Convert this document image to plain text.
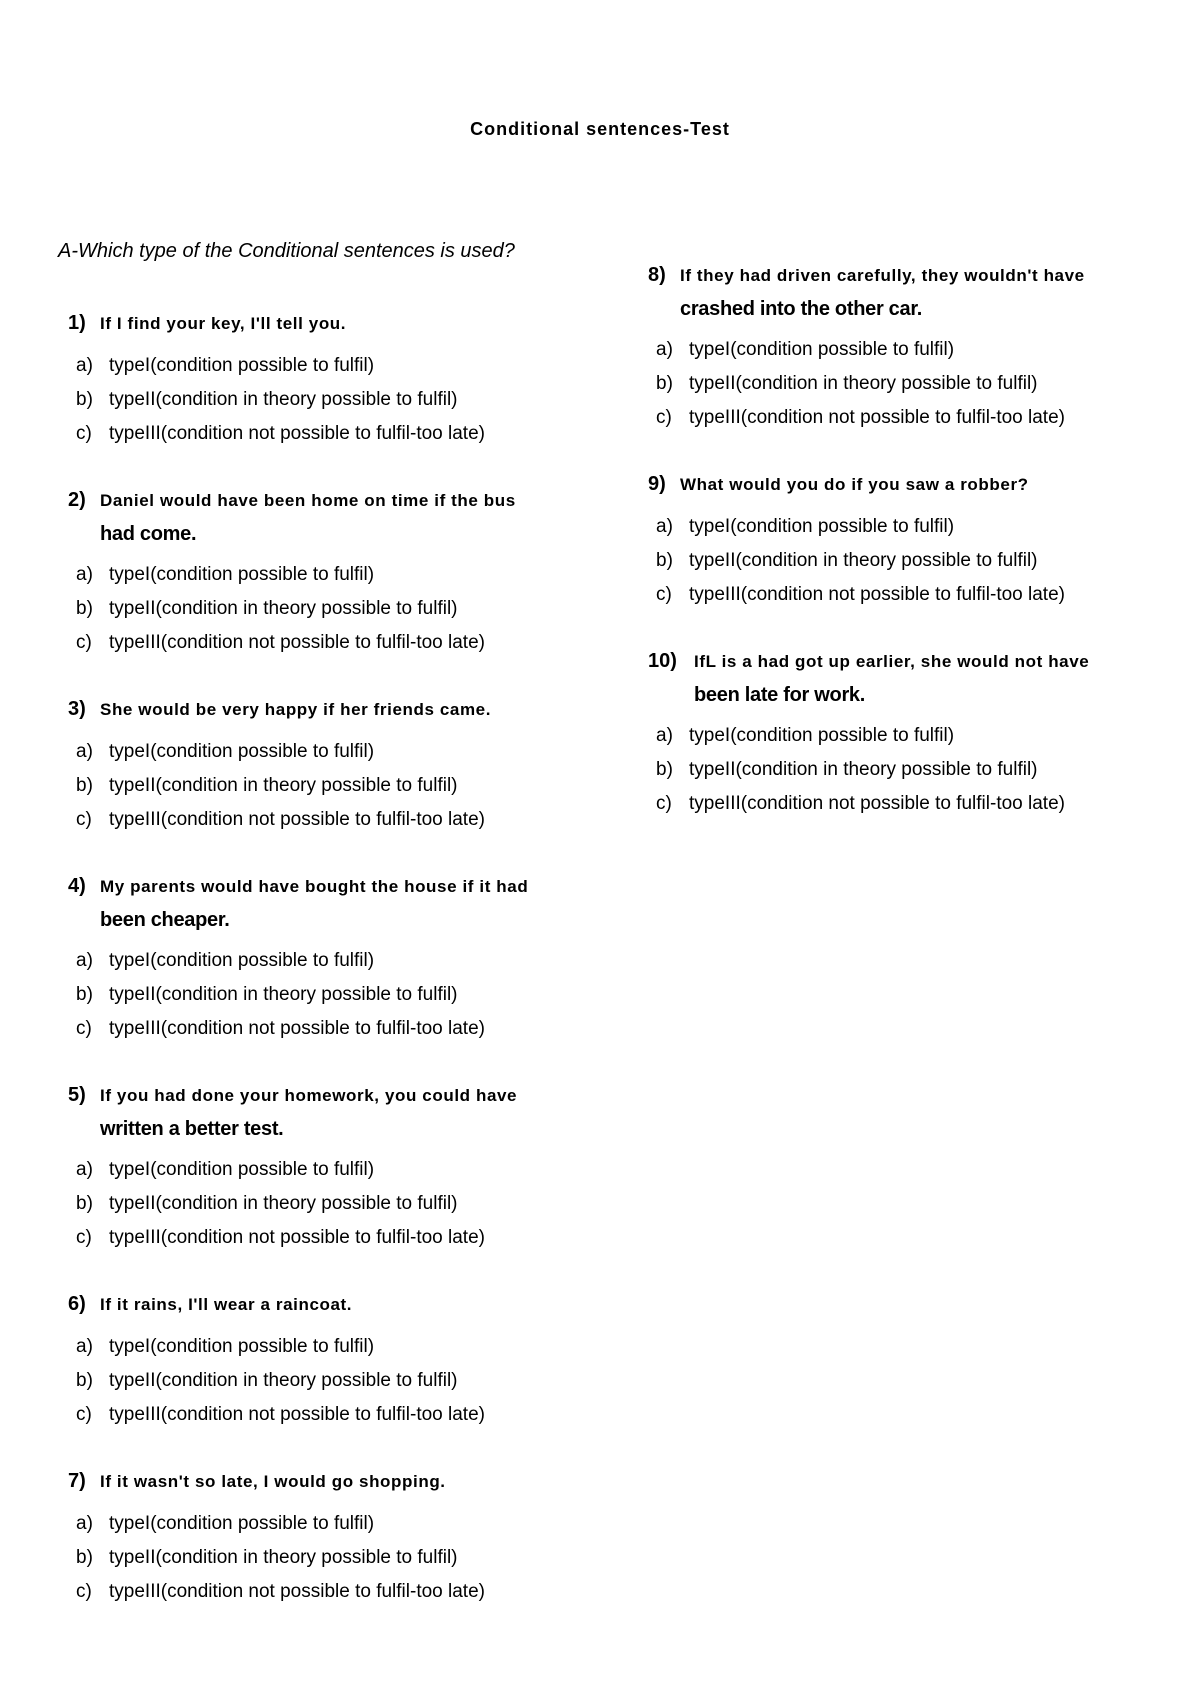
Conditional sentences-Test
A-Which type of the Conditional sentences is used?
1) If I find your key, I'll tell you.
a) typeI(condition possible to fulfil)
b) typeII(condition in theory possible to fulfil)
c) typeIII(condition not possible to fulfil-too late)
2) Daniel would have been home on time if the bus
had come.
a) typeI(condition possible to fulfil)
b) typeII(condition in theory possible to fulfil)
c) typeIII(condition not possible to fulfil-too late)
3) She would be very happy if her friends came.
a) typeI(condition possible to fulfil)
b) typeII(condition in theory possible to fulfil)
c) typeIII(condition not possible to fulfil-too late)
4) My parents would have bought the house if it had
been cheaper.
a) typeI(condition possible to fulfil)
b) typeII(condition in theory possible to fulfil)
c) typeIII(condition not possible to fulfil-too late)
5) If you had done your homework, you could have
written a better test.
a) typeI(condition possible to fulfil)
b) typeII(condition in theory possible to fulfil)
c) typeIII(condition not possible to fulfil-too late)
6) If it rains, I'll wear a raincoat.
a) typeI(condition possible to fulfil)
b) typeII(condition in theory possible to fulfil)
c) typeIII(condition not possible to fulfil-too late)
7) If it wasn't so late, I would go shopping.
a) typeI(condition possible to fulfil)
b) typeII(condition in theory possible to fulfil)
c) typeIII(condition not possible to fulfil-too late)
8) If they had driven carefully, they wouldn't have
crashed into the other car.
a) typeI(condition possible to fulfil)
b) typeII(condition in theory possible to fulfil)
c) typeIII(condition not possible to fulfil-too late)
9) What would you do if you saw a robber?
a) typeI(condition possible to fulfil)
b) typeII(condition in theory possible to fulfil)
c) typeIII(condition not possible to fulfil-too late)
10)	IfL is a had got up earlier, she would not have
been late for work.
a) typeI(condition possible to fulfil)
b) typeII(condition in theory possible to fulfil)
c) typeIII(condition not possible to fulfil-too late)
